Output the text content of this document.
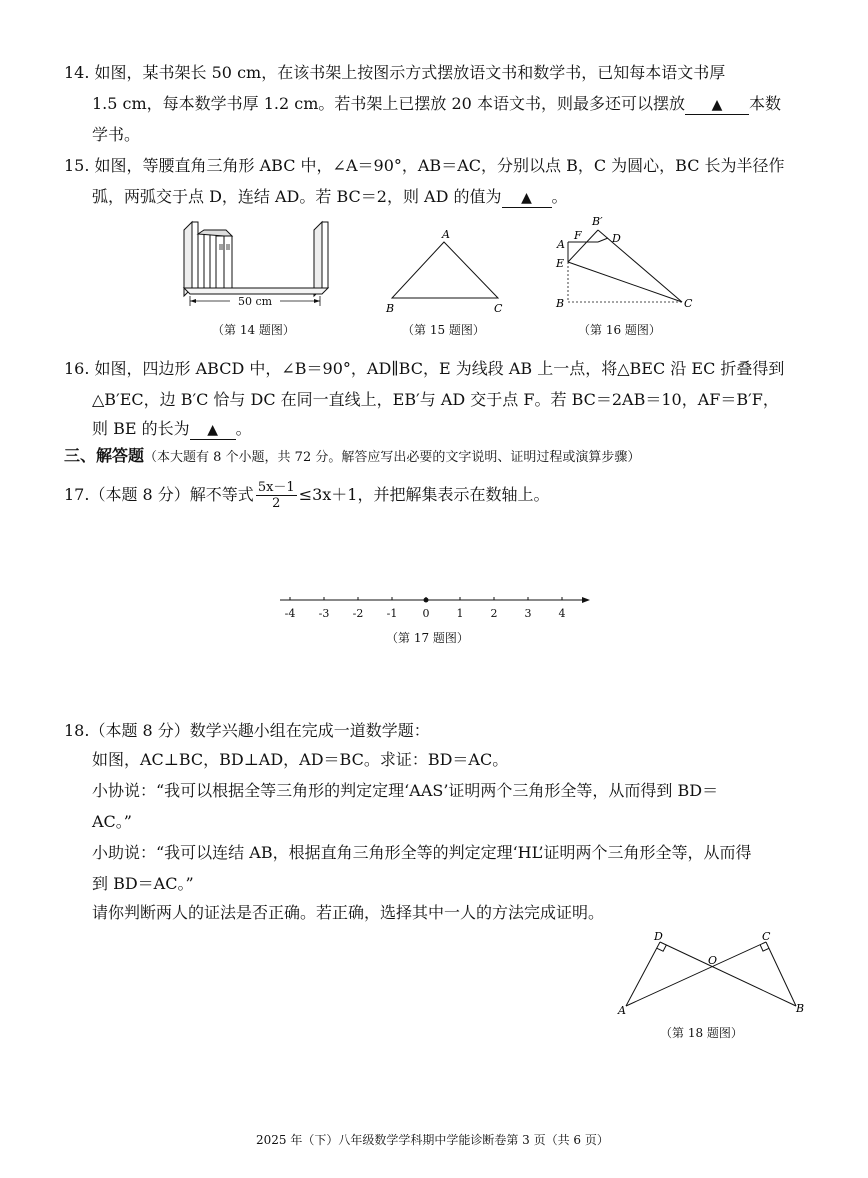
14. 如图，某书架长 50 cm，在该书架上按图示方式摆放语文书和数学书，已知每本语文书厚
1.5 cm，每本数学书厚 1.2 cm。若书架上已摆放 20 本语文书，则最多还可以摆放 ▲ 本数
学书。
15. 如图，等腰直角三角形 ABC 中，∠A＝90°，AB＝AC，分别以点 B，C 为圆心，BC 长为半径作
弧，两弧交于点 D，连结 AD。若 BC＝2，则 AD 的值为 ▲ 。
50 cm
（第 14 题图）
A
B	C
（第 15 题图）
B′
F	D
A
E
B	C
（第 16 题图）
16. 如图，四边形 ABCD 中，∠B＝90°，AD∥BC，E 为线段 AB 上一点，将△BEC 沿 EC 折叠得到
△B′EC，边 B′C 恰与 DC 在同一直线上，EB′与 AD 交于点 F。若 BC＝2AB＝10，AF＝B′F，
则 BE 的长为 ▲ 。
三、解答题（本大题有 8 个小题，共 72 分。解答应写出必要的文字说明、证明过程或演算步骤）
17.（本题 8 分）解不等式 $\frac{5x-1}{2} \le 3x+1$，并把解集表示在数轴上。
-4 -3 -2 -1 0 1 2 3 4
（第 17 题图）
18.（本题 8 分）数学兴趣小组在完成一道数学题：
如图，AC⊥BC，BD⊥AD，AD＝BC。求证：BD＝AC。
小协说：“我可以根据全等三角形的判定定理‘AAS’证明两个三角形全等，从而得到 BD＝
AC。”
小助说：“我可以连结 AB，根据直角三角形全等的判定定理‘HL’证明两个三角形全等，从而得
到 BD＝AC。”
请你判断两人的证法是否正确。若正确，选择其中一人的方法完成证明。
D	C
O
A	B
（第 18 题图）
2025 年（下）八年级数学学科期中学能诊断卷第 3 页（共 6 页）
